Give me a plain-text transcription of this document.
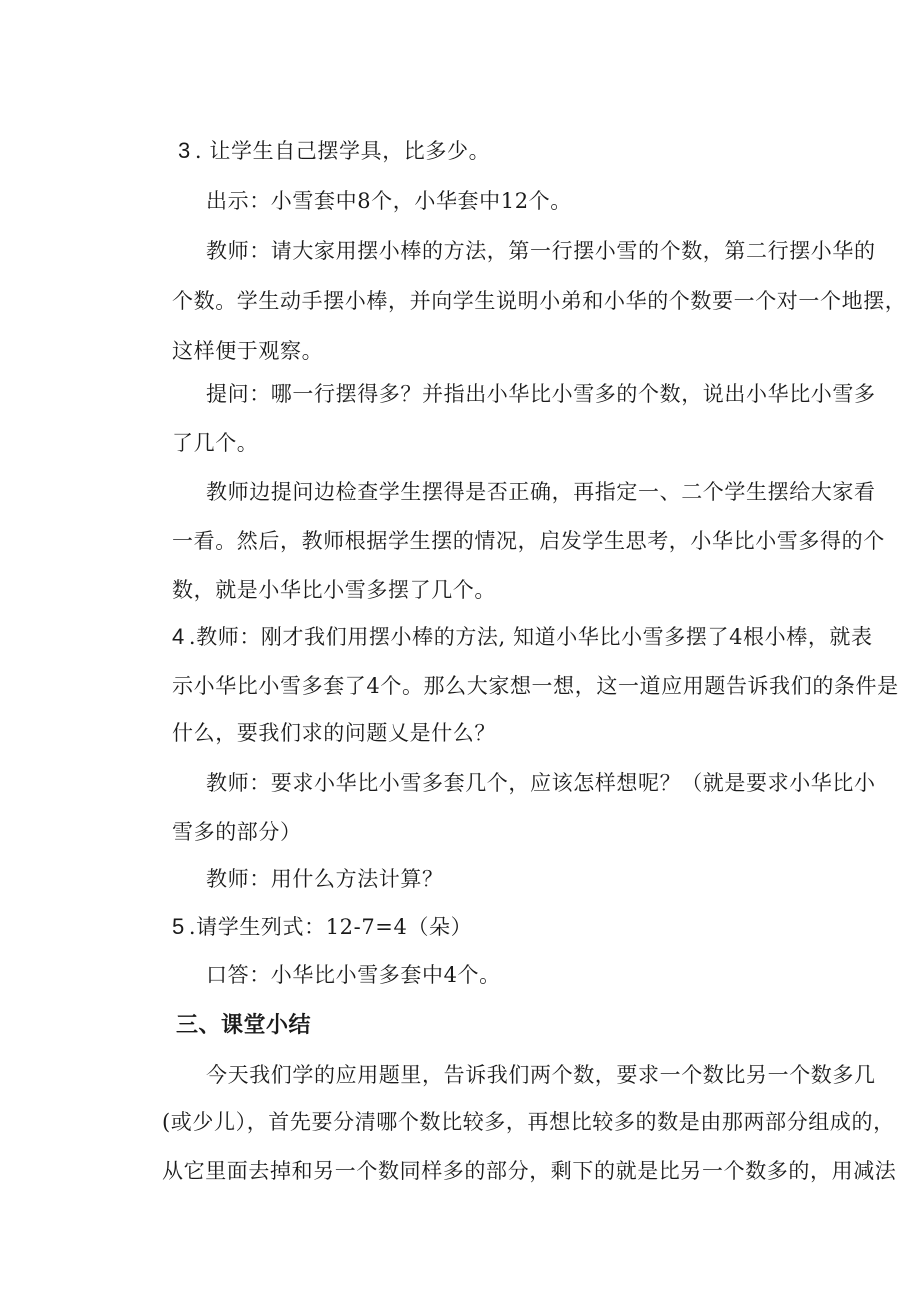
3 . 让学生自己摆学具，比多少。
出示：小雪套中8个，小华套中12个。
教师：请大家用摆小棒的方法，第一行摆小雪的个数，第二行摆小华的
个数。学生动手摆小棒，并向学生说明小弟和小华的个数要一个对一个地摆，
这样便于观察。
提问：哪一行摆得多？并指出小华比小雪多的个数，说出小华比小雪多
了几个。
教师边提问边检查学生摆得是否正确，再指定一、二个学生摆给大家看
一看。然后，教师根据学生摆的情况，启发学生思考，小华比小雪多得的个
数，就是小华比小雪多摆了几个。
4 .教师：刚才我们用摆小棒的方法, 知道小华比小雪多摆了4根小棒，就表
示小华比小雪多套了4个。那么大家想一想，这一道应用题告诉我们的条件是
什么，要我们求的问题乂是什么？
教师：要求小华比小雪多套几个，应该怎样想呢？（就是要求小华比小
雪多的部分）
教师：用什么方法计算？
5 .请学生列式：12-7=4（朵）
口答：小华比小雪多套中4个。
三、课堂小结
今天我们学的应用题里，告诉我们两个数，要求一个数比另一个数多几
(或少儿），首先要分清哪个数比较多，再想比较多的数是由那两部分组成的，
从它里面去掉和另一个数同样多的部分，剩下的就是比另一个数多的，用减法
